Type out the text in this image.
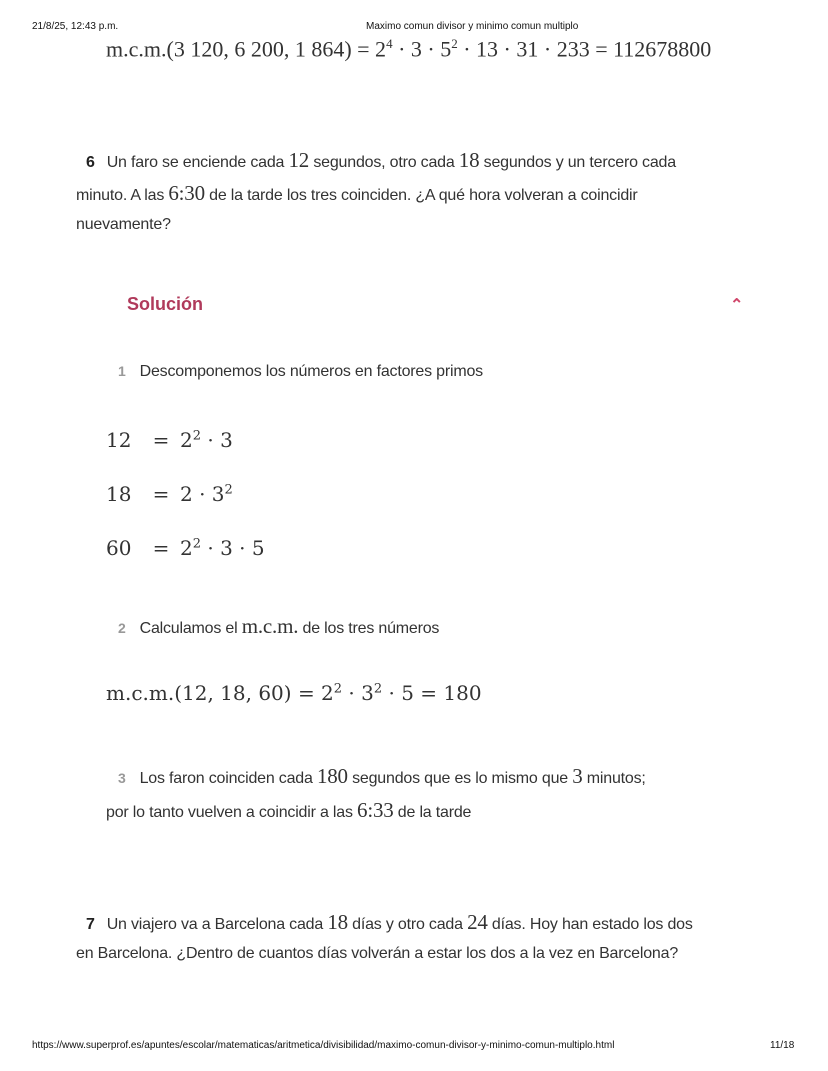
21/8/25, 12:43 p.m.	Maximo comun divisor y minimo comun multiplo
m.c.m.(3 120, 6 200, 1 $864) = 2^4 \cdot 3 \cdot 5^2 \cdot 13 \cdot 31 \cdot 233 = 112678800$
6 Un faro se enciende cada 12 segundos, otro cada 18 segundos y un tercero cada
minuto. A las 6:30 de la tarde los tres coinciden. ¿A qué hora volveran a coincidir
nuevamente?
Solución	⌃
1 Descomponemos los números en factores primos
12	= $2^2 \cdot 3$
18	= $2 \cdot 3^2$
60	= $2^2 \cdot 3 \cdot 5$
2 Calculamos el m.c.m. de los tres números
m.c.m.(12, 18, $60) = 2^2 \cdot 3^2 \cdot 5 = 180$
3 Los faron coinciden cada 180 segundos que es lo mismo que 3 minutos;
por lo tanto vuelven a coincidir a las 6:33 de la tarde
7 Un viajero va a Barcelona cada 18 días y otro cada 24 días. Hoy han estado los dos
en Barcelona. ¿Dentro de cuantos días volverán a estar los dos a la vez en Barcelona?
https://www.superprof.es/apuntes/escolar/matematicas/aritmetica/divisibilidad/maximo-comun-divisor-y-minimo-comun-multiplo.html	11/18
